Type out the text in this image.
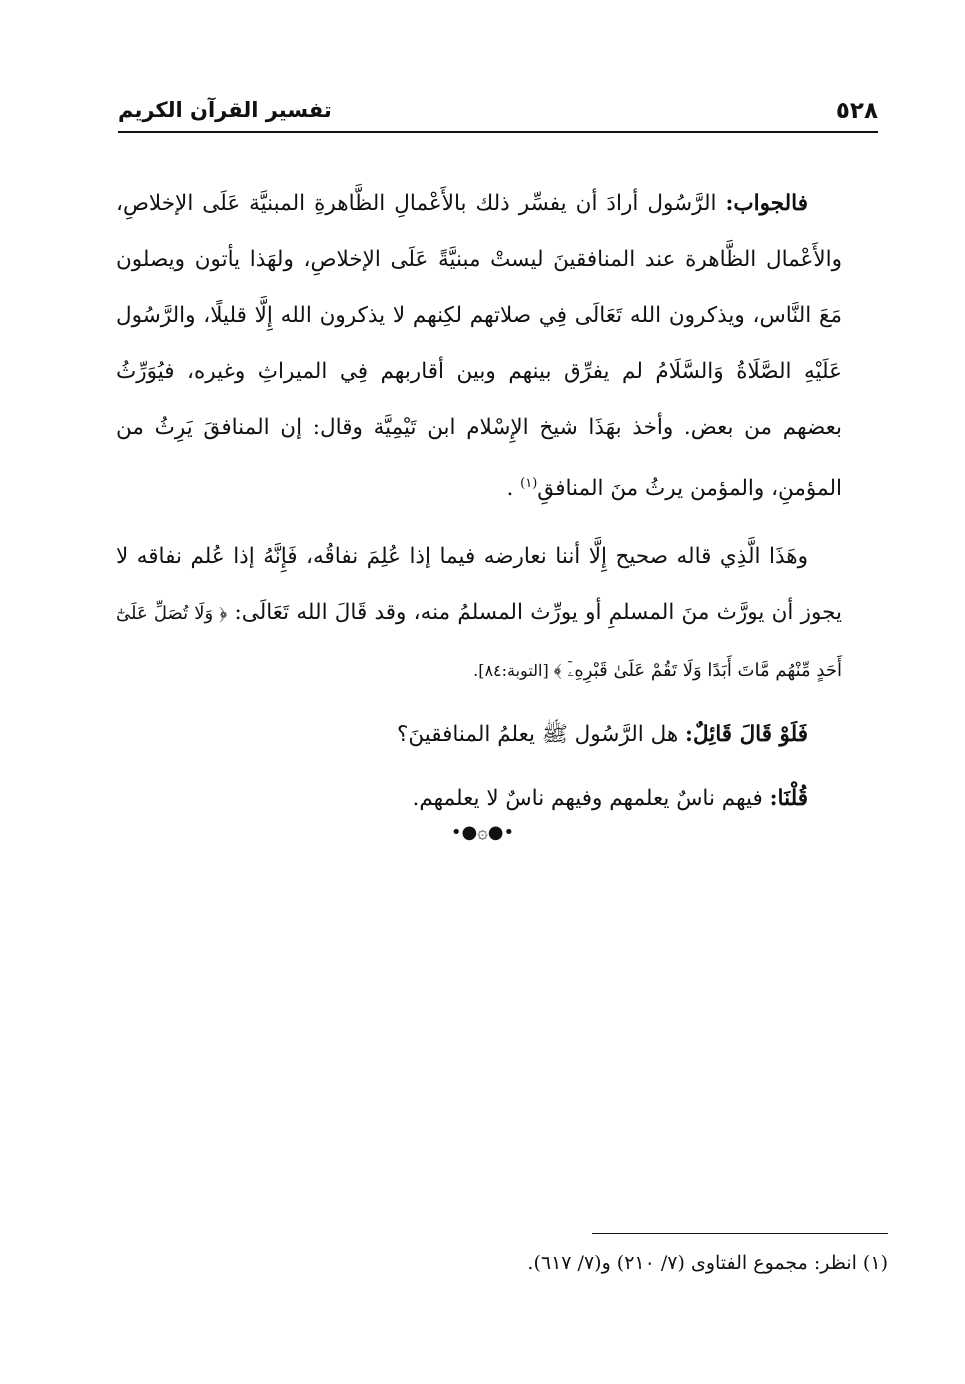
٥٢٨
تفسير القرآن الكريم

فالجواب: الرَّسُول أرادَ أن يفسِّر ذلك بالأَعْمالِ الظَّاهرةِ المبنيَّة عَلَى الإخلاصِ، والأَعْمال الظَّاهرة عند المنافقينَ ليستْ مبنيَّةً عَلَى الإخلاصِ، ولهَذا يأتون ويصلون مَعَ النَّاس، ويذكرون الله تَعَالَى فِي صلاتهم لكِنهم لا يذكرون الله إِلَّا قليلًا، والرَّسُول عَلَيْهِ الصَّلَاةُ وَالسَّلَامُ لم يفرِّق بينهم وبين أقاربهم فِي الميراثِ وغيره، فيُوَرِّثُ بعضهم من بعض. وأخذ بهَذَا شيخ الإِسْلام ابن تَيْمِيَّة وقال: إن المنافقَ يَرِثُ من المؤمنِ، والمؤمن يرثُ منَ المنافقِ$^{(١)}$ .

وهَذَا الَّذِي قاله صحيح إِلَّا أننا نعارضه فيما إذا عُلِمَ نفاقُه، فَإِنَّهُ إذا عُلم نفاقه لا يجوز أن يورَّث منَ المسلمِ أو يورِّث المسلمُ منه، وقد قَالَ الله تَعَالَى: ﴿ وَلَا تُصَلِّ عَلَىٰٓ أَحَدٍ مِّنْهُم مَّاتَ أَبَدًا وَلَا تَقُمْ عَلَىٰ قَبْرِهِۦٓ ﴾ [التوبة:٨٤].

فَلَوْ قَالَ قَائِلٌ: هل الرَّسُول ﷺ يعلمُ المنافقينَ؟

قُلْنَا: فيهم ناسٌ يعلمهم وفيهم ناسٌ لا يعلمهم.

•●۞●•
(١) انظر: مجموع الفتاوى (٧/ ٢١٠) و(٧/ ٦١٧).
